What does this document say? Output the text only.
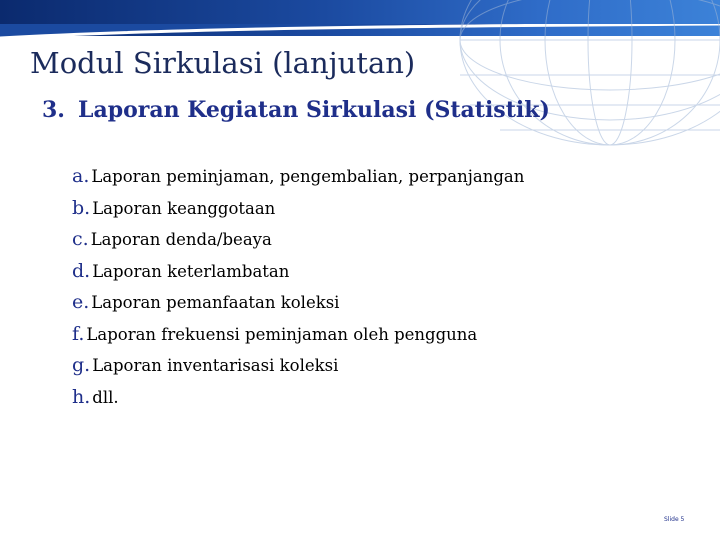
Modul Sirkulasi (lanjutan)
3. Laporan Kegiatan Sirkulasi (Statistik)
a. Laporan peminjaman, pengembalian, perpanjangan
b. Laporan keanggotaan
c. Laporan denda/beaya
d. Laporan keterlambatan
e. Laporan pemanfaatan koleksi
f. Laporan frekuensi peminjaman oleh pengguna
g. Laporan inventarisasi koleksi
h. dll.
Slide 5
